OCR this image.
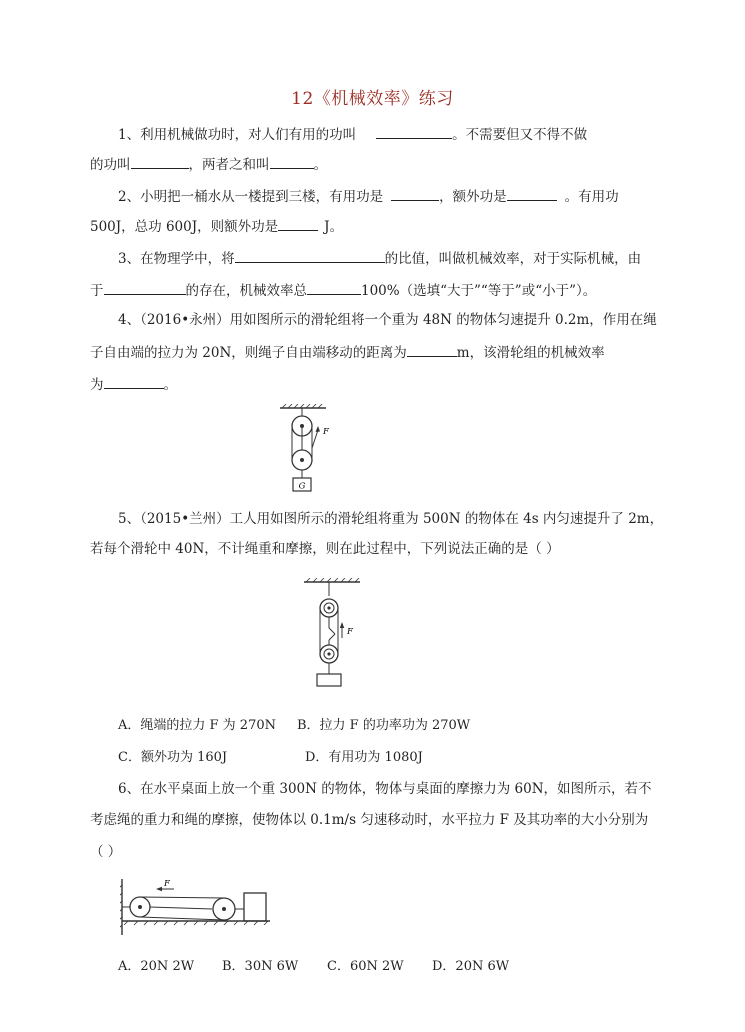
12《机械效率》练习
1、利用机械做功时，对人们有用的功叫	。不需要但又不得不做
的功叫	，两者之和叫	。
2、小明把一桶水从一楼提到三楼，有用功是	，额外功是	。有用功
500J，总功 600J，则额外功是	J。
3、在物理学中，将	的比值，叫做机械效率，对于实际机械，由
于	的存在，机械效率总	100%（选填“大于”“等于”或“小于”）。
4、（2016•永州）用如图所示的滑轮组将一个重为 48N 的物体匀速提升 0.2m，作用在绳
子自由端的拉力为 20N，则绳子自由端移动的距离为	m，该滑轮组的机械效率
为	。
G
F
5、（2015•兰州）工人用如图所示的滑轮组将重为 500N 的物体在 4s 内匀速提升了 2m，
若每个滑轮中 40N，不计绳重和摩擦，则在此过程中，下列说法正确的是（ ）
F
A．绳端的拉力 F 为 270N B．拉力 F 的功率功为 270W
C．额外功为 160J	D．有用功为 1080J
6、在水平桌面上放一个重 300N 的物体，物体与桌面的摩擦力为 60N，如图所示，若不
考虑绳的重力和绳的摩擦，使物体以 0.1m/s 匀速移动时，水平拉力 F 及其功率的大小分别为
（ ）
F
A．20N 2W B．30N 6W C．60N 2W D．20N 6W
